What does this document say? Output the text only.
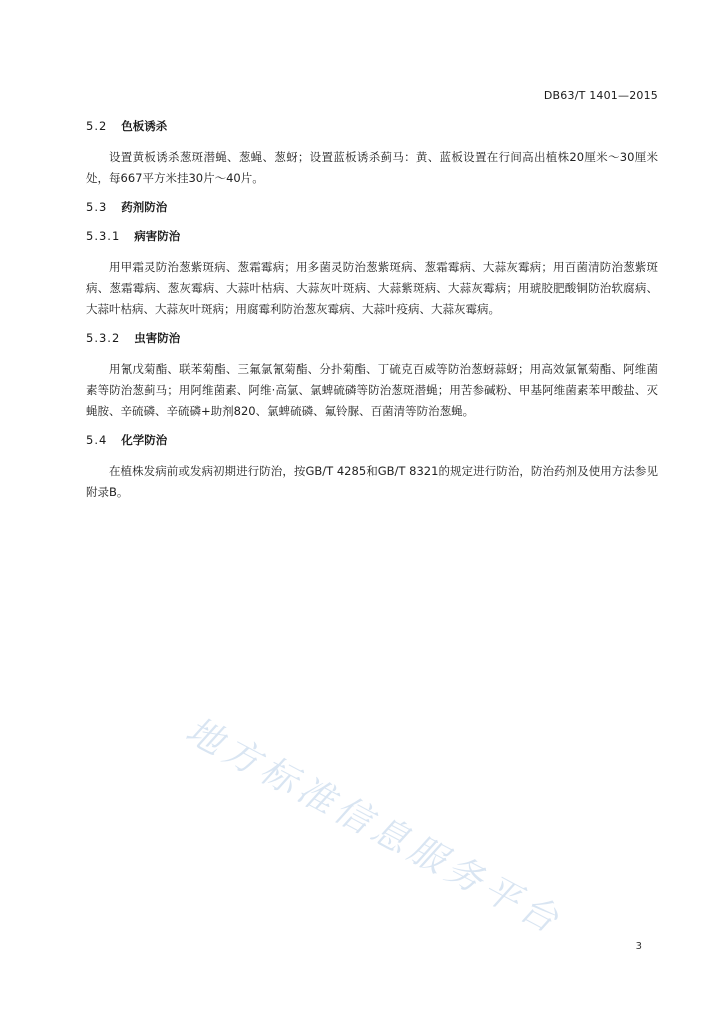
DB63/T 1401—2015
5.2 色板诱杀

设置黄板诱杀葱斑潜蝇、葱蝇、葱蚜；设置蓝板诱杀蓟马：黄、蓝板设置在行间高出植株20厘米～30厘米处，每667平方米挂30片～40片。

5.3 药剂防治
5.3.1 病害防治

用甲霜灵防治葱紫斑病、葱霜霉病；用多菌灵防治葱紫斑病、葱霜霉病、大蒜灰霉病；用百菌清防治葱紫斑病、葱霜霉病、葱灰霉病、大蒜叶枯病、大蒜灰叶斑病、大蒜紫斑病、大蒜灰霉病；用琥胶肥酸铜防治软腐病、大蒜叶枯病、大蒜灰叶斑病；用腐霉利防治葱灰霉病、大蒜叶疫病、大蒜灰霉病。

5.3.2 虫害防治

用氰戊菊酯、联苯菊酯、三氟氯氰菊酯、分扑菊酯、丁硫克百威等防治葱蚜蒜蚜；用高效氯氰菊酯、阿维菌素等防治葱蓟马；用阿维菌素、阿维·高氯、氯蜱硫磷等防治葱斑潜蝇；用苦参碱粉、甲基阿维菌素苯甲酸盐、灭蝇胺、辛硫磷、辛硫磷+助剂820、氯蜱硫磷、氟铃脲、百菌清等防治葱蝇。

5.4 化学防治

在植株发病前或发病初期进行防治，按GB/T 4285和GB/T 8321的规定进行防治，防治药剂及使用方法参见附录B。

地方标准信息服务平台
3
